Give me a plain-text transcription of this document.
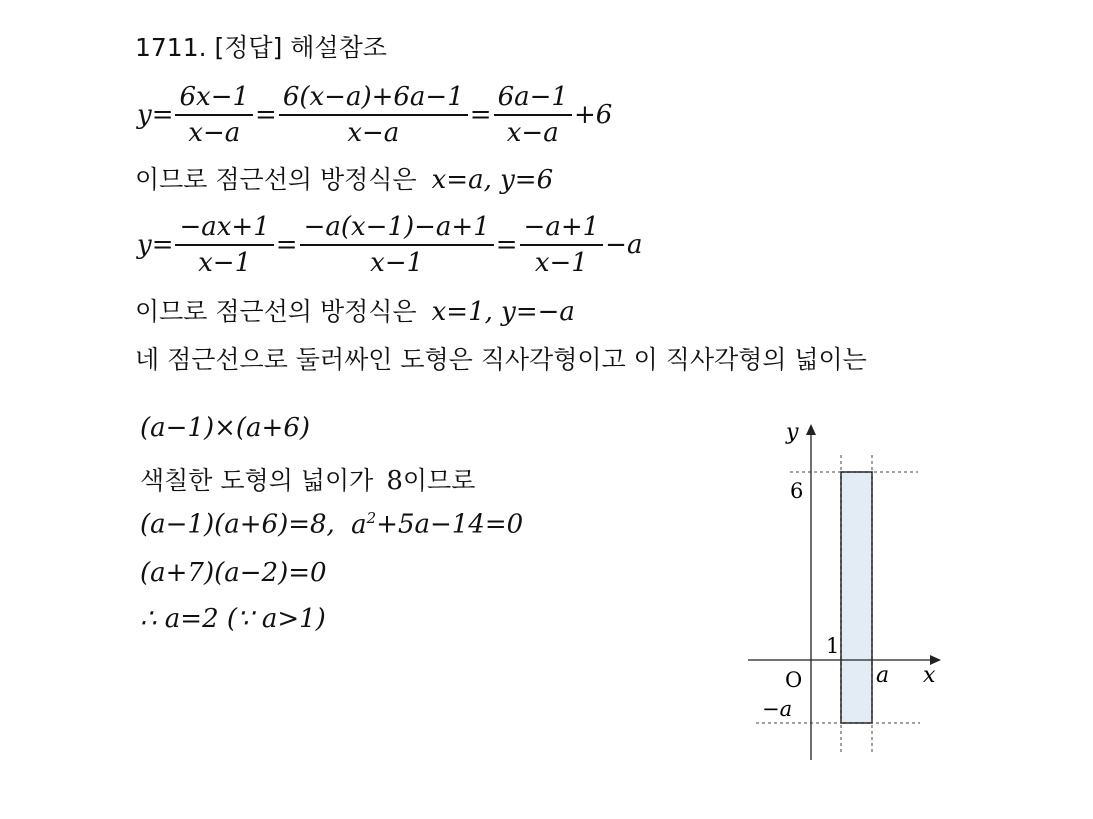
1711. [정답] 해설참조
$y= \frac{6x-1}{x-a} = \frac{6(x-a)+6a-1}{x-a} = \frac{6a-1}{x-a} +6$
이므로 점근선의 방정식은 x=a, y=6
$y= \frac{-ax+1}{x-1} = \frac{-a(x-1)-a+1}{x-1} = \frac{-a+1}{x-1} -a$
이므로 점근선의 방정식은 x=1, y=−a
네 점근선으로 둘러싸인 도형은 직사각형이고 이 직사각형의 넓이는
(a−1)×(a+6)
색칠한 도형의 넓이가 8이므로
(a−1)(a+6)=8, $a^2+5a-14=0$
(a+7)(a−2)=0
∴ a=2 (∵ a>1)
y
x
O
6
1
a
−a
